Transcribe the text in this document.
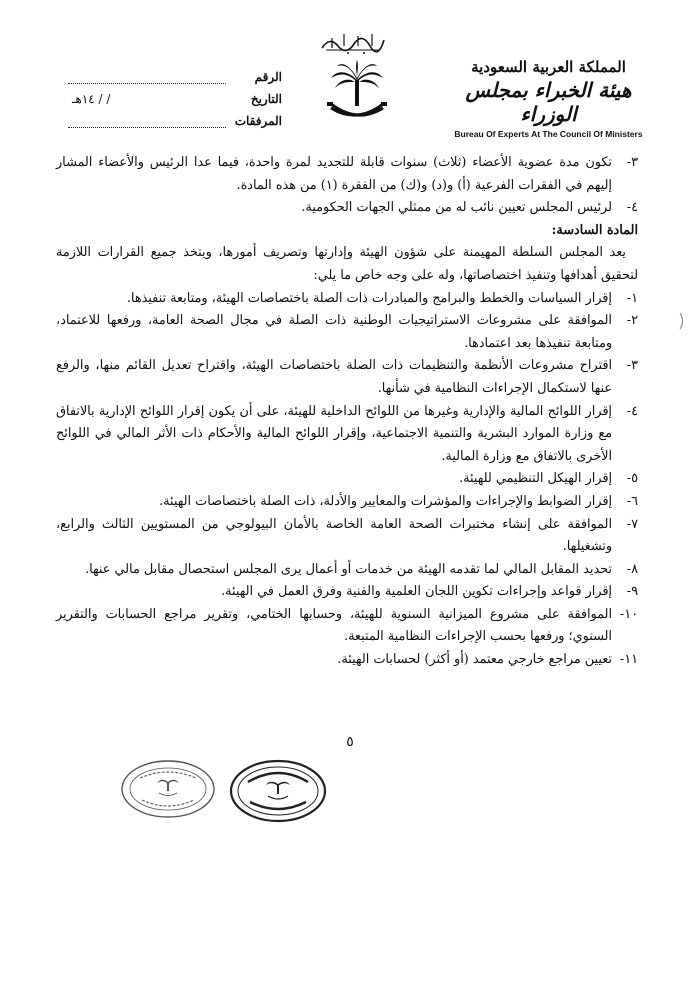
الرقم
التاريخ
/ / ١٤هـ
المرفقات
المملكة العربية السعودية
هيئة الخبراء بمجلس الوزراء
Bureau Of Experts At The Council Of Ministers
٣-
تكون مدة عضوية الأعضاء (ثلاث) سنوات قابلة للتجديد لمرة واحدة، فيما عدا الرئيس والأعضاء المشار إليهم في الفقرات الفرعية (أ) و(د) و(ك) من الفقرة (١) من هذه المادة.
٤-
لرئيس المجلس تعيين نائب له من ممثلي الجهات الحكومية.

المادة السادسة:

يعد المجلس السلطة المهيمنة على شؤون الهيئة وإدارتها وتصريف أمورها، ويتخذ جميع القرارات اللازمة لتحقيق أهدافها وتنفيذ اختصاصاتها، وله على وجه خاص ما يلي:

١-
إقرار السياسات والخطط والبرامج والمبادرات ذات الصلة باختصاصات الهيئة، ومتابعة تنفيذها.
٢-
الموافقة على مشروعات الاستراتيجيات الوطنية ذات الصلة في مجال الصحة العامة، ورفعها للاعتماد، ومتابعة تنفيذها بعد اعتمادها.
٣-
اقتراح مشروعات الأنظمة والتنظيمات ذات الصلة باختصاصات الهيئة، واقتراح تعديل القائم منها، والرفع عنها لاستكمال الإجراءات النظامية في شأنها.
٤-
إقرار اللوائح المالية والإدارية وغيرها من اللوائح الداخلية للهيئة، على أن يكون إقرار اللوائح الإدارية بالاتفاق مع وزارة الموارد البشرية والتنمية الاجتماعية، وإقرار اللوائح المالية والأحكام ذات الأثر المالي في اللوائح الأخرى بالاتفاق مع وزارة المالية.
٥-
إقرار الهيكل التنظيمي للهيئة.
٦-
إقرار الضوابط والإجراءات والمؤشرات والمعايير والأدلة، ذات الصلة باختصاصات الهيئة.
٧-
الموافقة على إنشاء مختبرات الصحة العامة الخاصة بالأمان البيولوجي من المستويين الثالث والرابع، وتشغيلها.
٨-
تحديد المقابل المالي لما تقدمه الهيئة من خدمات أو أعمال يرى المجلس استحصال مقابل مالي عنها.
٩-
إقرار قواعد وإجراءات تكوين اللجان العلمية والفنية وفرق العمل في الهيئة.
١٠-
الموافقة على مشروع الميزانية السنوية للهيئة، وحسابها الختامي، وتقرير مراجع الحسابات والتقرير السنوي؛ ورفعها بحسب الإجراءات النظامية المتبعة.
١١-
تعيين مراجع خارجي معتمد (أو أكثر) لحسابات الهيئة.
٥
